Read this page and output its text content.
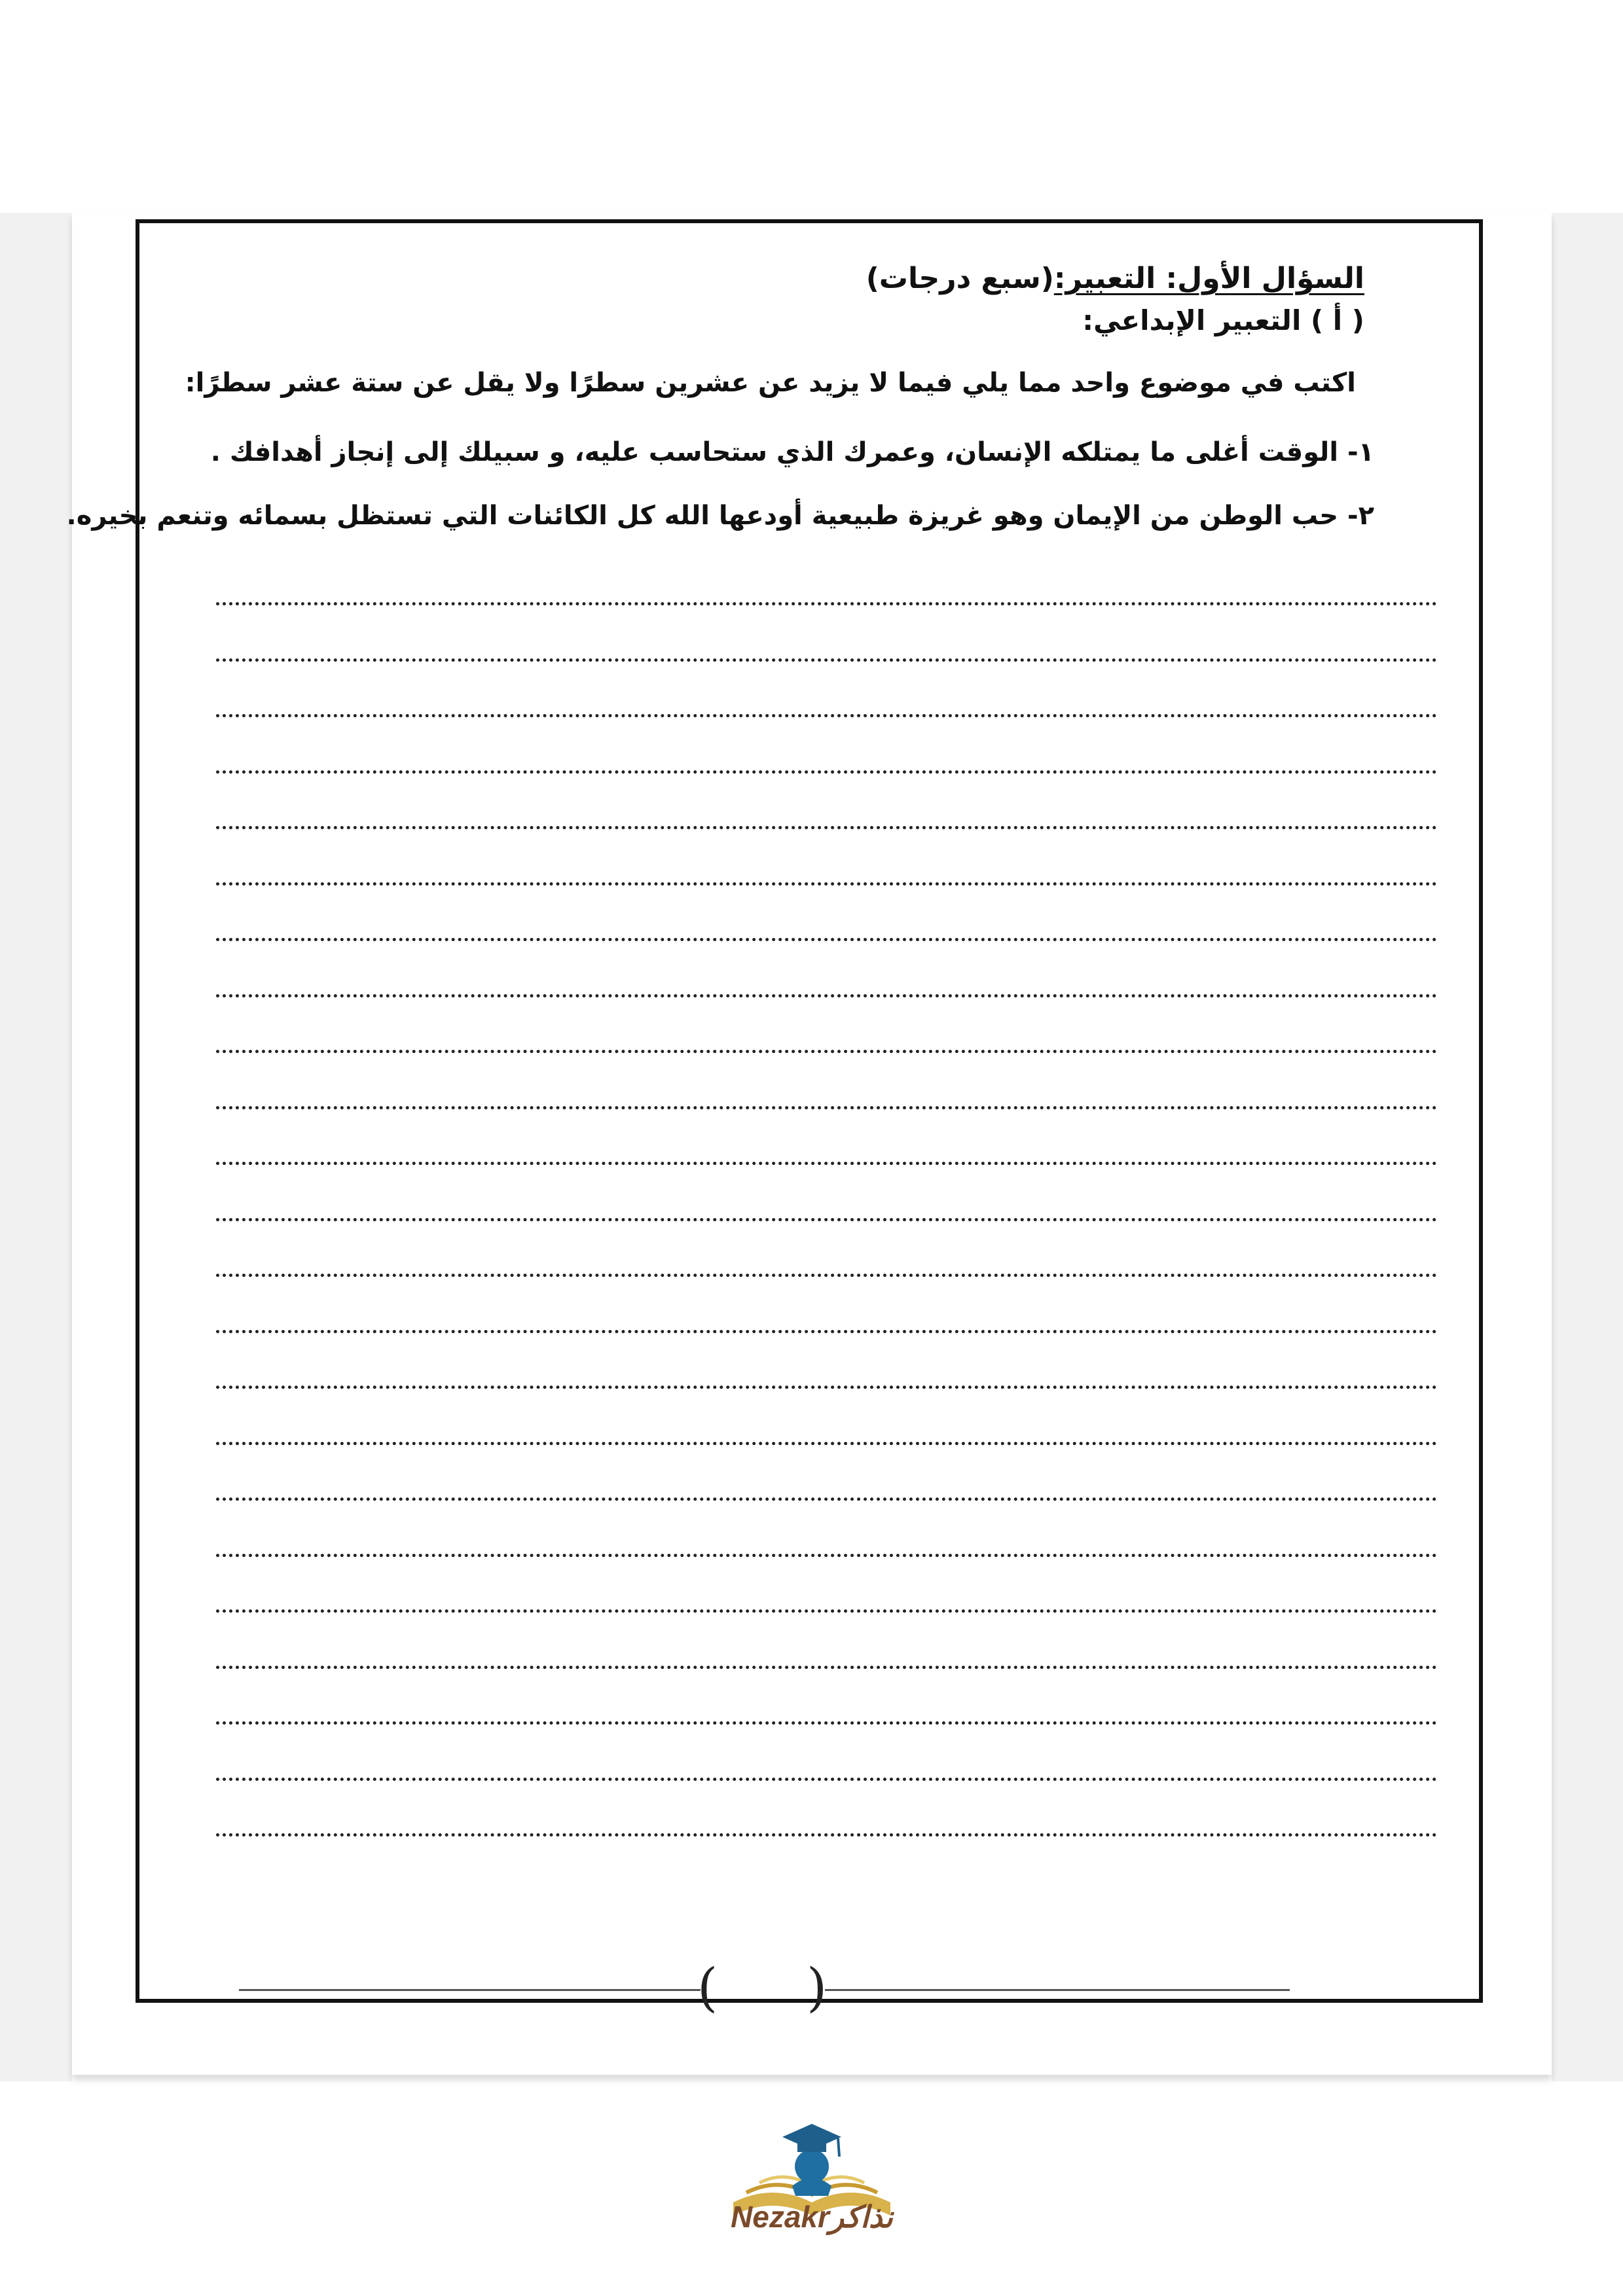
السؤال الأول: التعبير:(سبع درجات)
( أ ) التعبير الإبداعي:
اكتب في موضوع واحد مما يلي فيما لا يزيد عن عشرين سطرًا ولا يقل عن ستة عشر سطرًا:
١- الوقت أغلى ما يمتلكه الإنسان، وعمرك الذي ستحاسب عليه، و سبيلك إلى إنجاز أهدافك .
٢- حب الوطن من الإيمان وهو غريزة طبيعية أودعها الله كل الكائنات التي تستظل بسمائه وتنعم بخيره.
( )
Nezakrنذاكر
